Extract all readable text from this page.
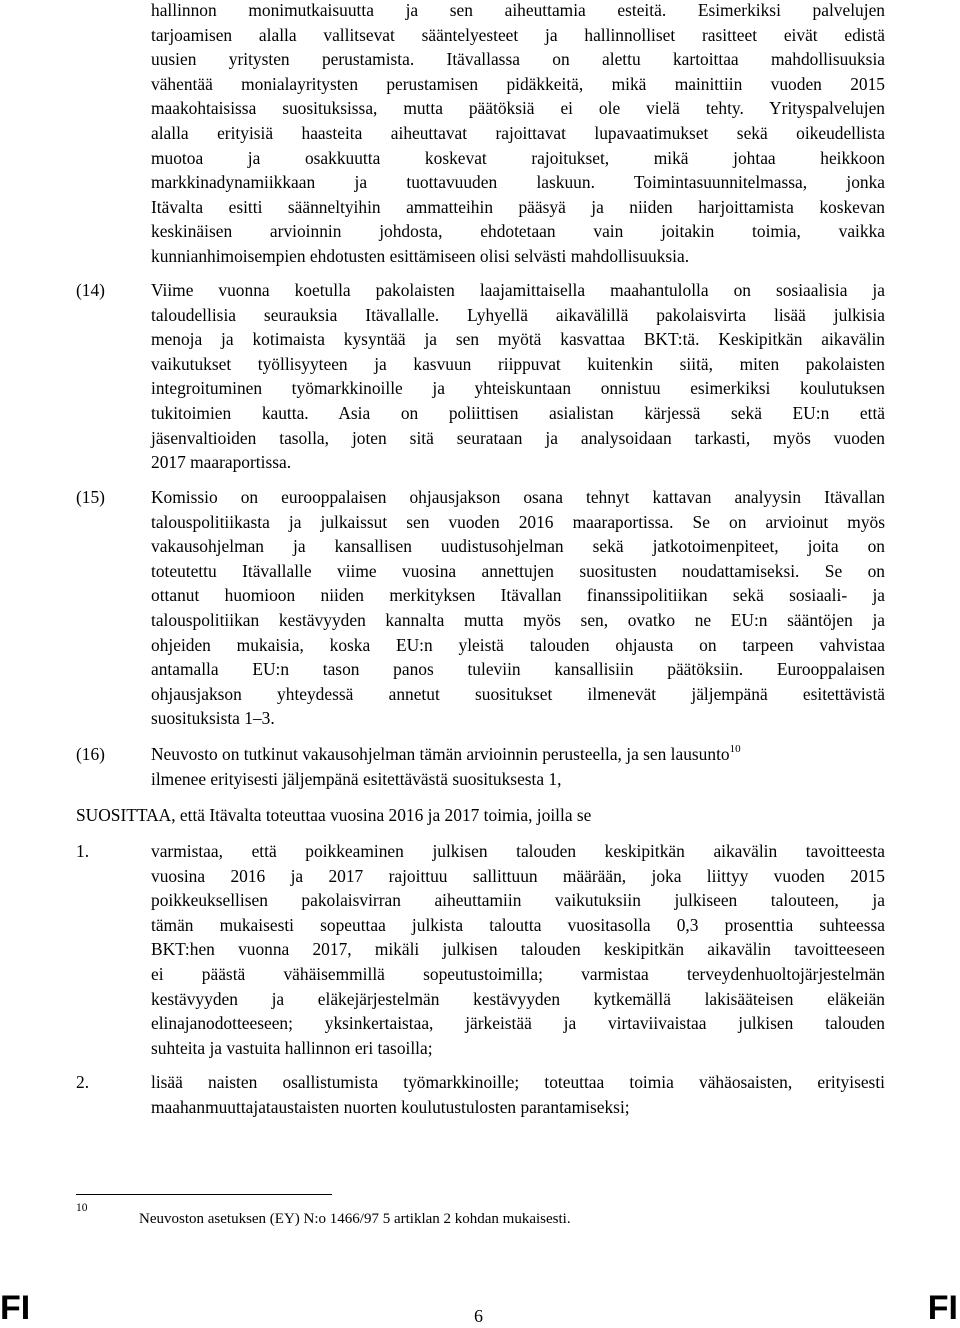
hallinnon monimutkaisuutta ja sen aiheuttamia esteitä. Esimerkiksi palvelujen
tarjoamisen alalla vallitsevat sääntelyesteet ja hallinnolliset rasitteet eivät edistä
uusien yritysten perustamista. Itävallassa on alettu kartoittaa mahdollisuuksia
vähentää monialayritysten perustamisen pidäkkeitä, mikä mainittiin vuoden 2015
maakohtaisissa suosituksissa, mutta päätöksiä ei ole vielä tehty. Yrityspalvelujen
alalla erityisiä haasteita aiheuttavat rajoittavat lupavaatimukset sekä oikeudellista
muotoa ja osakkuutta koskevat rajoitukset, mikä johtaa heikkoon
markkinadynamiikkaan ja tuottavuuden laskuun. Toimintasuunnitelmassa, jonka
Itävalta esitti säänneltyihin ammatteihin pääsyä ja niiden harjoittamista koskevan
keskinäisen arvioinnin johdosta, ehdotetaan vain joitakin toimia, vaikka
kunnianhimoisempien ehdotusten esittämiseen olisi selvästi mahdollisuuksia.
(14)	Viime vuonna koetulla pakolaisten laajamittaisella maahantulolla on sosiaalisia ja
taloudellisia seurauksia Itävallalle. Lyhyellä aikavälillä pakolaisvirta lisää julkisia
menoja ja kotimaista kysyntää ja sen myötä kasvattaa BKT:tä. Keskipitkän aikavälin
vaikutukset työllisyyteen ja kasvuun riippuvat kuitenkin siitä, miten pakolaisten
integroituminen työmarkkinoille ja yhteiskuntaan onnistuu esimerkiksi koulutuksen
tukitoimien kautta. Asia on poliittisen asialistan kärjessä sekä EU:n että
jäsenvaltioiden tasolla, joten sitä seurataan ja analysoidaan tarkasti, myös vuoden
2017 maaraportissa.
(15)	Komissio on eurooppalaisen ohjausjakson osana tehnyt kattavan analyysin Itävallan
talouspolitiikasta ja julkaissut sen vuoden 2016 maaraportissa. Se on arvioinut myös
vakausohjelman ja kansallisen uudistusohjelman sekä jatkotoimenpiteet, joita on
toteutettu Itävallalle viime vuosina annettujen suositusten noudattamiseksi. Se on
ottanut huomioon niiden merkityksen Itävallan finanssipolitiikan sekä sosiaali- ja
talouspolitiikan kestävyyden kannalta mutta myös sen, ovatko ne EU:n sääntöjen ja
ohjeiden mukaisia, koska EU:n yleistä talouden ohjausta on tarpeen vahvistaa
antamalla EU:n tason panos tuleviin kansallisiin päätöksiin. Eurooppalaisen
ohjausjakson yhteydessä annetut suositukset ilmenevät jäljempänä esitettävistä
suosituksista 1–3.
(16)	Neuvosto on tutkinut vakausohjelman tämän arvioinnin perusteella, ja sen lausunto$^{10}$
ilmenee erityisesti jäljempänä esitettävästä suosituksesta 1,
SUOSITTAA, että Itävalta toteuttaa vuosina 2016 ja 2017 toimia, joilla se
1.	varmistaa, että poikkeaminen julkisen talouden keskipitkän aikavälin tavoitteesta
vuosina 2016 ja 2017 rajoittuu sallittuun määrään, joka liittyy vuoden 2015
poikkeuksellisen pakolaisvirran aiheuttamiin vaikutuksiin julkiseen talouteen, ja
tämän mukaisesti sopeuttaa julkista taloutta vuositasolla 0,3 prosenttia suhteessa
BKT:hen vuonna 2017, mikäli julkisen talouden keskipitkän aikavälin tavoitteeseen
ei päästä vähäisemmillä sopeutustoimilla; varmistaa terveydenhuoltojärjestelmän
kestävyyden ja eläkejärjestelmän kestävyyden kytkemällä lakisääteisen eläkeiän
elinajanodotteeseen; yksinkertaistaa, järkeistää ja virtaviivaistaa julkisen talouden
suhteita ja vastuita hallinnon eri tasoilla;
2.	lisää naisten osallistumista työmarkkinoille; toteuttaa toimia vähäosaisten, erityisesti
maahanmuuttajataustaisten nuorten koulutustulosten parantamiseksi;
10
Neuvoston asetuksen (EY) N:o 1466/97 5 artiklan 2 kohdan mukaisesti.
FI	6	FI
